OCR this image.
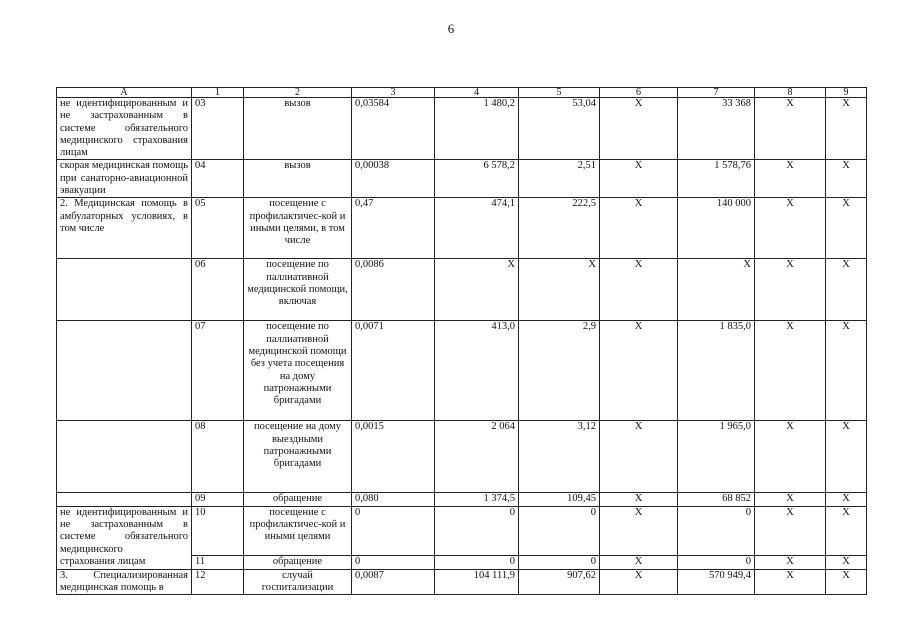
6
А	1	2	3	4	5	6	7	8	9
не идентифицированным и не застрахованным в системе обязательного медицинского страхования лицам	03	вызов	0,03584	1 480,2	53,04	Х	33 368	Х	Х
скорая медицинская помощь при санаторно-авиационной эвакуации	04	вызов	0,00038	6 578,2	2,51	Х	1 578,76	Х	Х
2. Медицинская помощь в амбулаторных условиях, в том числе	05	посещение с профилактичес-кой и иными целями, в том числе	0,47	474,1	222,5	Х	140 000	Х	Х
	06	посещение по паллиативной медицинской помощи, включая	0,0086	Х	Х	Х	Х	Х	Х
	07	посещение по паллиативной медицинской помощи без учета посещения на дому патронажными бригадами	0,0071	413,0	2,9	Х	1 835,0	Х	Х
	08	посещение на дому выездными патронажными бригадами	0,0015	2 064	3,12	Х	1 965,0	Х	Х
	09	обращение	0,080	1 374,5	109,45	Х	68 852	Х	Х
не идентифицированным и не застрахованным в системе обязательного медицинского	10	посещение с профилактичес-кой и иными целями	0	0	0	Х	0	Х	Х
страхования лицам	11	обращение	0	0	0	Х	0	Х	Х
3. Специализированная медицинская помощь в	12	случай госпитализации	0,0087	104 111,9	907,62	Х	570 949,4	Х	Х
